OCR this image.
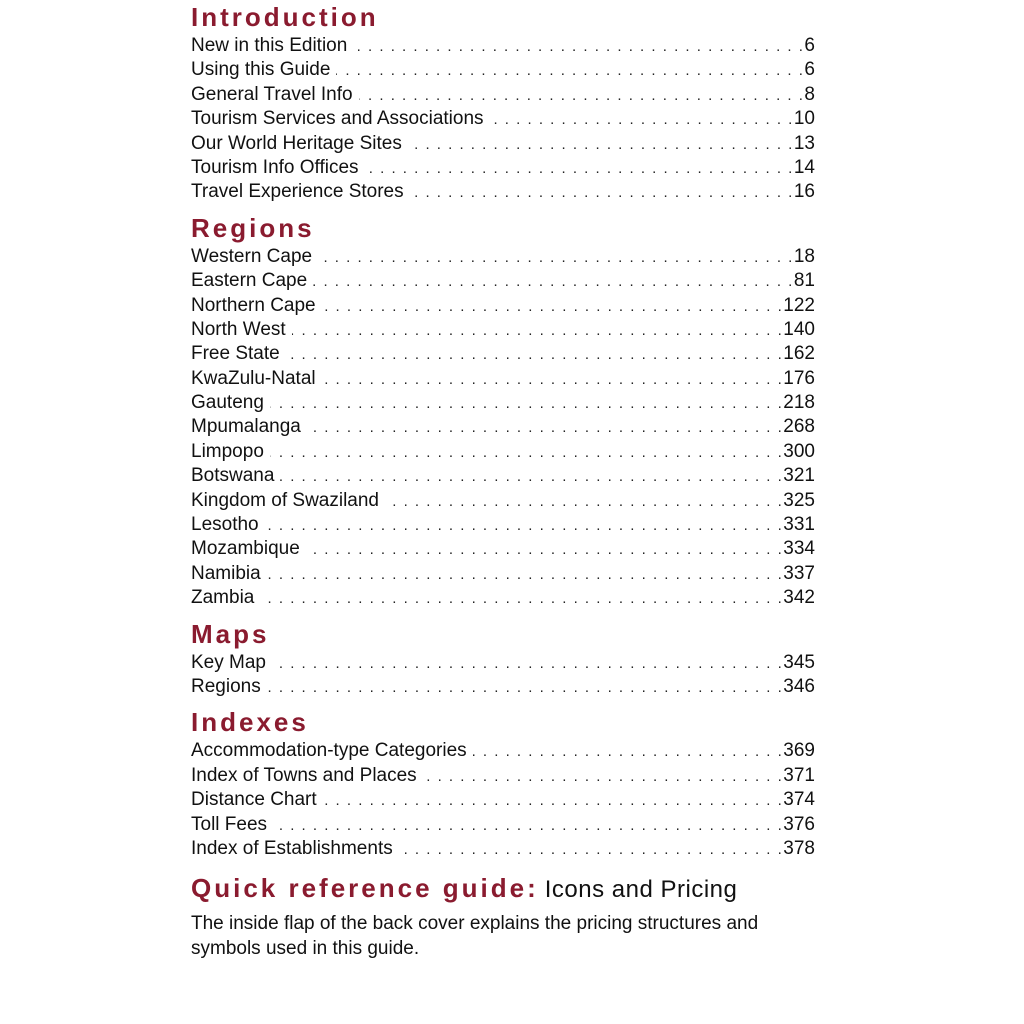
Introduction
New in this Edition . . .	6
Using this Guide . . .	6
General Travel Info . . .	8
Tourism Services and Associations . . .	10
Our World Heritage Sites . . .	13
Tourism Info Offices . . .	14
Travel Experience Stores . . .	16
Regions
Western Cape . . .	18
Eastern Cape . . .	81
Northern Cape . . .	122
North West . . .	140
Free State . . .	162
KwaZulu-Natal . . .	176
Gauteng . . .	218
Mpumalanga . . .	268
Limpopo . . .	300
Botswana . . .	321
Kingdom of Swaziland . . .	325
Lesotho . . .	331
Mozambique . . .	334
Namibia . . .	337
Zambia . . .	342
Maps
Key Map . . .	345
Regions . . .	346
Indexes
Accommodation-type Categories . . .	369
Index of Towns and Places . . .	371
Distance Chart . . .	374
Toll Fees . . .	376
Index of Establishments . . .	378
Quick reference guide: Icons and Pricing

The inside flap of the back cover explains the pricing structures and symbols used in this guide.
